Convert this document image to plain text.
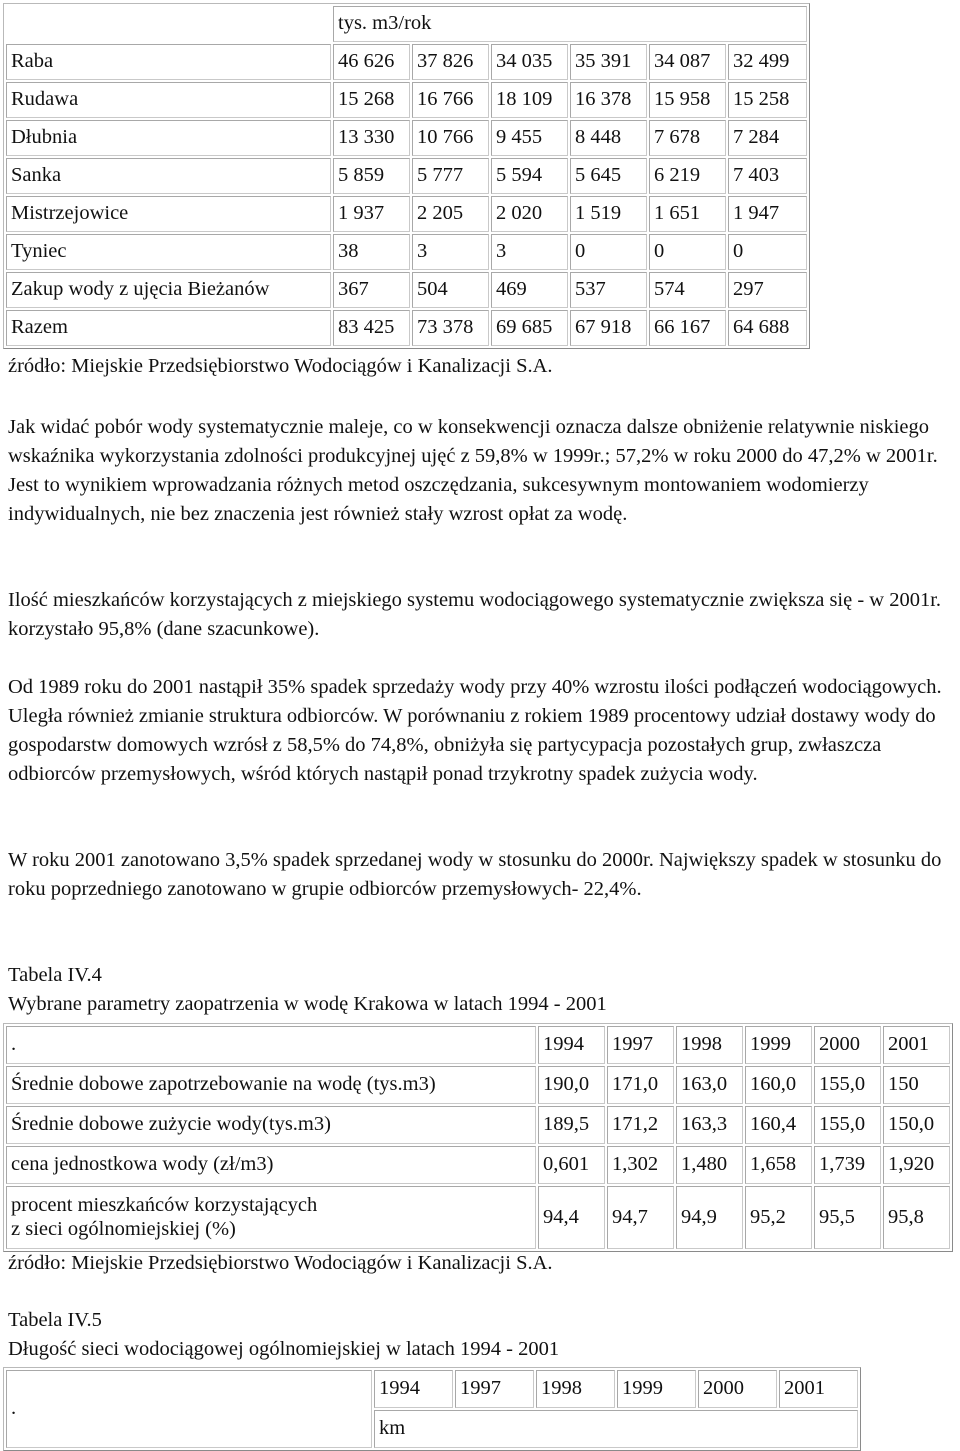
	tys. m3/rok					
Raba	46 626	37 826	34 035	35 391	34 087	32 499
Rudawa	15 268	16 766	18 109	16 378	15 958	15 258
Dłubnia	13 330	10 766	9 455	8 448	7 678	7 284
Sanka	5 859	5 777	5 594	5 645	6 219	7 403
Mistrzejowice	1 937	2 205	2 020	1 519	1 651	1 947
Tyniec	38	3	3	0	0	0
Zakup wody z ujęcia Bieżanów	367	504	469	537	574	297
Razem	83 425	73 378	69 685	67 918	66 167	64 688

źródło: Miejskie Przedsiębiorstwo Wodociągów i Kanalizacji S.A.

Jak widać pobór wody systematycznie maleje, co w konsekwencji oznacza dalsze obniżenie relatywnie niskiego wskaźnika wykorzystania zdolności produkcyjnej ujęć z 59,8% w 1999r.; 57,2% w roku 2000 do 47,2% w 2001r. Jest to wynikiem wprowadzania różnych metod oszczędzania, sukcesywnym montowaniem wodomierzy indywidualnych, nie bez znaczenia jest również stały wzrost opłat za wodę.

Ilość mieszkańców korzystających z miejskiego systemu wodociągowego systematycznie zwiększa się - w 2001r. korzystało 95,8% (dane szacunkowe).

Od 1989 roku do 2001 nastąpił 35% spadek sprzedaży wody przy 40% wzrostu ilości podłączeń wodociągowych. Uległa również zmianie struktura odbiorców. W porównaniu z rokiem 1989 procentowy udział dostawy wody do gospodarstw domowych wzrósł z 58,5% do 74,8%, obniżyła się partycypacja pozostałych grup, zwłaszcza odbiorców przemysłowych, wśród których nastąpił ponad trzykrotny spadek zużycia wody.

W roku 2001 zanotowano 3,5% spadek sprzedanej wody w stosunku do 2000r. Największy spadek w stosunku do roku poprzedniego zanotowano w grupie odbiorców przemysłowych- 22,4%.

Tabela IV.4

Wybrane parametry zaopatrzenia w wodę Krakowa w latach 1994 - 2001

.	1994	1997	1998	1999	2000	2001
Średnie dobowe zapotrzebowanie na wodę (tys.m3)	190,0	171,0	163,0	160,0	155,0	150
Średnie dobowe zużycie wody(tys.m3)	189,5	171,2	163,3	160,4	155,0	150,0
cena jednostkowa wody (zł/m3)	0,601	1,302	1,480	1,658	1,739	1,920
procent mieszkańców korzystających
z sieci ogólnomiejskiej (%)	94,4	94,7	94,9	95,2	95,5	95,8

źródło: Miejskie Przedsiębiorstwo Wodociągów i Kanalizacji S.A.

Tabela IV.5

Długość sieci wodociągowej ogólnomiejskiej w latach 1994 - 2001

.	1994	1997	1998	1999	2000	2001
km
